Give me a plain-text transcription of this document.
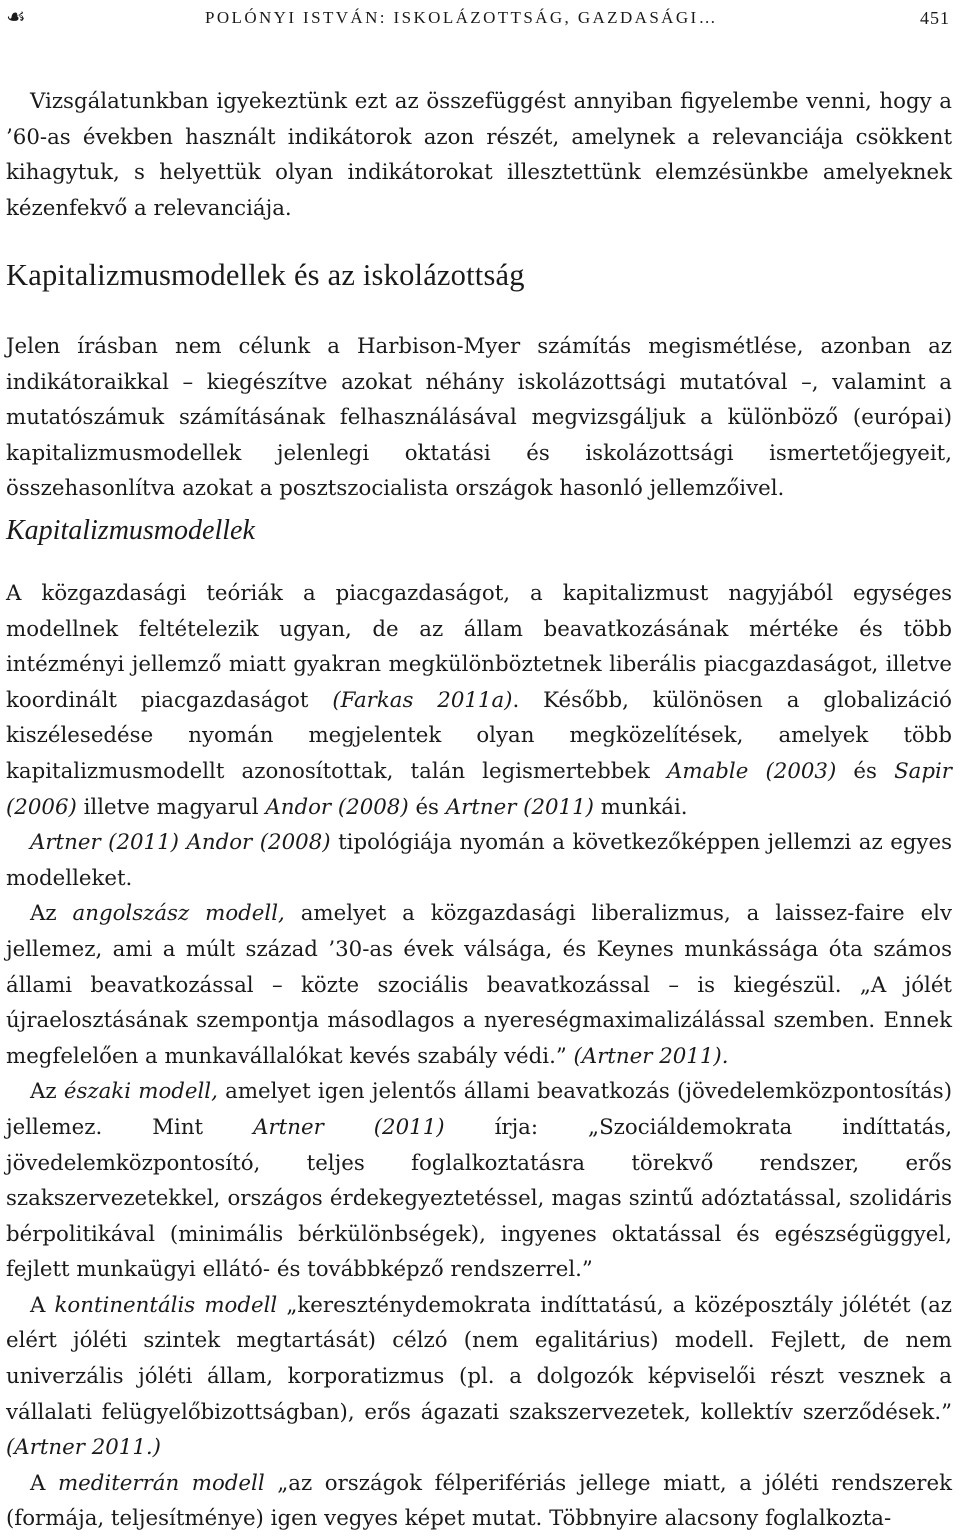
☙	POLÓNYI ISTVÁN: ISKOLÁZOTTSÁG, GAZDASÁGI…	451

Vizsgálatunkban igyekeztünk ezt az összefüggést annyiban figyelembe venni, hogy a ’60-as években használt indikátorok azon részét, amelynek a relevanciája csökkent kihagytuk, s helyettük olyan indikátorokat illesztettünk elemzésünkbe amelyeknek kézenfekvő a relevanciája.

Kapitalizmusmodellek és az iskolázottság

Jelen írásban nem célunk a Harbison-Myer számítás megismétlése, azonban az indikátoraikkal – kiegészítve azokat néhány iskolázottsági mutatóval –, valamint a mutatószámuk számításának felhasználásával megvizsgáljuk a különböző (európai) kapitalizmusmodellek jelenlegi oktatási és iskolázottsági ismertetőjegyeit, összehasonlítva azokat a posztszocialista országok hasonló jellemzőivel.

Kapitalizmusmodellek

A közgazdasági teóriák a piacgazdaságot, a kapitalizmust nagyjából egységes modellnek feltételezik ugyan, de az állam beavatkozásának mértéke és több intézményi jellemző miatt gyakran megkülönböztetnek liberális piacgazdaságot, illetve koordinált piacgazdaságot (Farkas 2011a). Később, különösen a globalizáció kiszélesedése nyomán megjelentek olyan megközelítések, amelyek több kapitalizmusmodellt azonosítottak, talán legismertebbek Amable (2003) és Sapir (2006) illetve magyarul Andor (2008) és Artner (2011) munkái.

Artner (2011) Andor (2008) tipológiája nyomán a következőképpen jellemzi az egyes modelleket.

Az angolszász modell, amelyet a közgazdasági liberalizmus, a laissez-faire elv jellemez, ami a múlt század ’30-as évek válsága, és Keynes munkássága óta számos állami beavatkozással – közte szociális beavatkozással – is kiegészül. „A jólét újraelosztásának szempontja másodlagos a nyereségmaximalizálással szemben. Ennek megfelelően a munkavállalókat kevés szabály védi.” (Artner 2011).

Az északi modell, amelyet igen jelentős állami beavatkozás (jövedelemközpontosítás) jellemez. Mint Artner (2011) írja: „Szociáldemokrata indíttatás, jövedelemközpontosító, teljes foglalkoztatásra törekvő rendszer, erős szakszervezetekkel, országos érdekegyeztetéssel, magas szintű adóztatással, szolidáris bérpolitikával (minimális bérkülönbségek), ingyenes oktatással és egészségüggyel, fejlett munkaügyi ellátó- és továbbképző rendszerrel.”

A kontinentális modell „kereszténydemokrata indíttatású, a középosztály jólétét (az elért jóléti szintek megtartását) célzó (nem egalitárius) modell. Fejlett, de nem univerzális jóléti állam, korporatizmus (pl. a dolgozók képviselői részt vesznek a vállalati felügyelőbizottságban), erős ágazati szakszervezetek, kollektív szerződések.” (Artner 2011.)

A mediterrán modell „az országok félperifériás jellege miatt, a jóléti rendszerek (formája, teljesítménye) igen vegyes képet mutat. Többnyire alacsony foglalkozta-
